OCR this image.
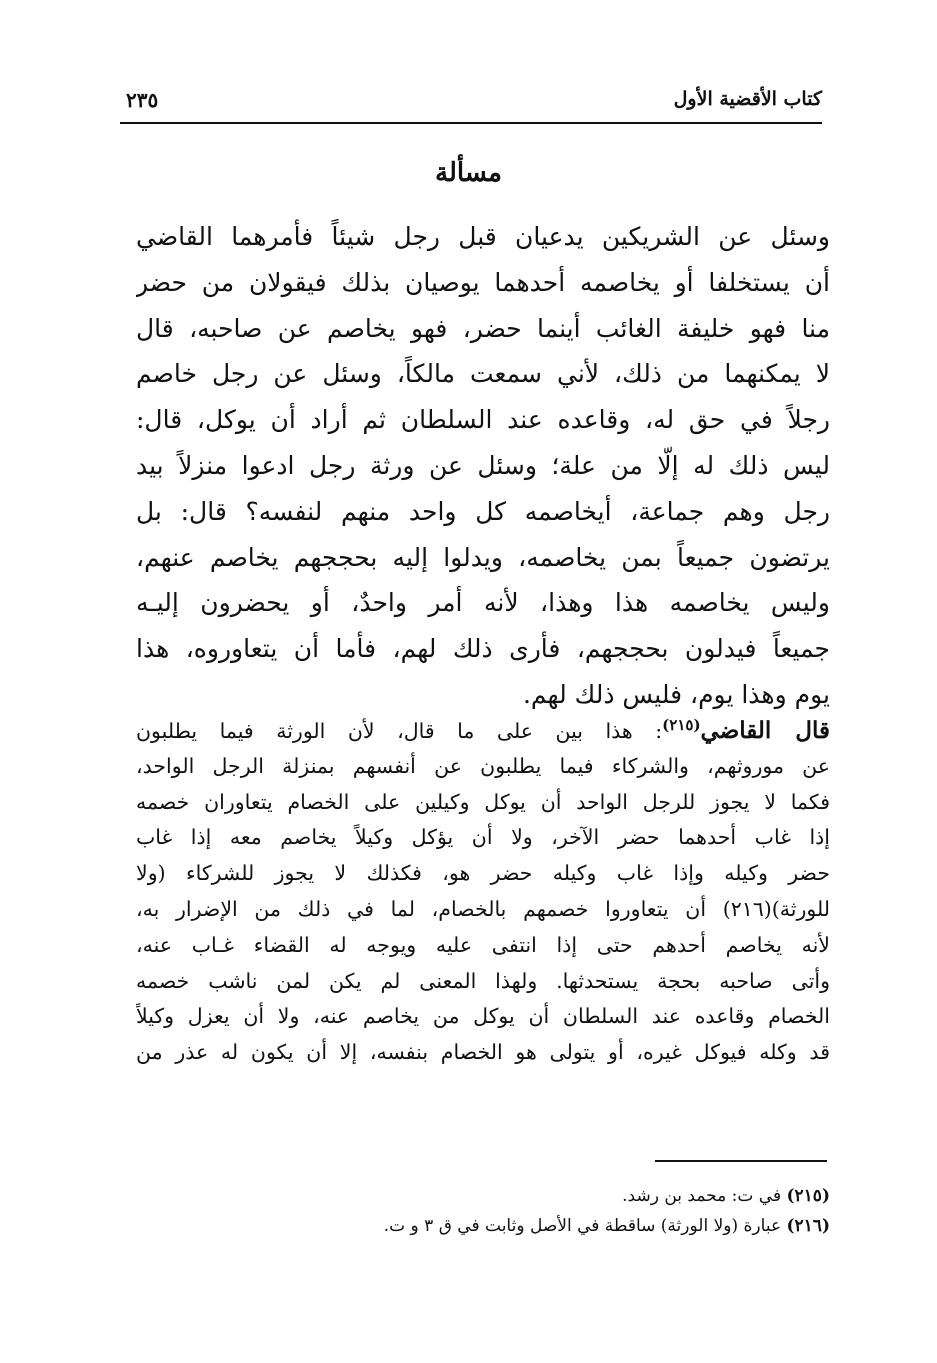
كتاب الأقضية الأول
٢٣٥
مسألة
وسئل عن الشريكين يدعيان قبل رجل شيئاً فأمرهما القاضي
أن يستخلفا أو يخاصمه أحدهما يوصيان بذلك فيقولان من حضر
منا فهو خليفة الغائب أينما حضر، فهو يخاصم عن صاحبه، قال
لا يمكنهما من ذلك، لأني سمعت مالكاً، وسئل عن رجل خاصم
رجلاً في حق له، وقاعده عند السلطان ثم أراد أن يوكل، قال:
ليس ذلك له إلّا من علة؛ وسئل عن ورثة رجل ادعوا منزلاً بيد
رجل وهم جماعة، أيخاصمه كل واحد منهم لنفسه؟ قال: بل
يرتضون جميعاً بمن يخاصمه، ويدلوا إليه بحججهم يخاصم عنهم،
وليس يخاصمه هذا وهذا، لأنه أمر واحدٌ، أو يحضرون إليـه
جميعاً فيدلون بحججهم، فأرى ذلك لهم، فأما أن يتعاوروه، هذا
يوم وهذا يوم، فليس ذلك لهم.
قال القاضي$^{(٢١٥)}$: هذا بين على ما قال، لأن الورثة فيما يطلبون
عن موروثهم، والشركاء فيما يطلبون عن أنفسهم بمنزلة الرجل الواحد،
فكما لا يجوز للرجل الواحد أن يوكل وكيلين على الخصام يتعاوران خصمه
إذا غاب أحدهما حضر الآخر، ولا أن يؤكل وكيلاً يخاصم معه إذا غاب
حضر وكيله وإذا غاب وكيله حضر هو، فكذلك لا يجوز للشركاء (ولا
للورثة)(٢١٦) أن يتعاوروا خصمهم بالخصام، لما في ذلك من الإضرار به،
لأنه يخاصم أحدهم حتى إذا انتفى عليه ويوجه له القضاء غـاب عنه،
وأتى صاحبه بحجة يستحدثها. ولهذا المعنى لم يكن لمن ناشب خصمه
الخصام وقاعده عند السلطان أن يوكل من يخاصم عنه، ولا أن يعزل وكيلاً
قد وكله فيوكل غيره، أو يتولى هو الخصام بنفسه، إلا أن يكون له عذر من
(٢١٥) في ت: محمد بن رشد.
(٢١٦) عبارة (ولا الورثة) ساقطة في الأصل وثابت في ق ٣ و ت.
